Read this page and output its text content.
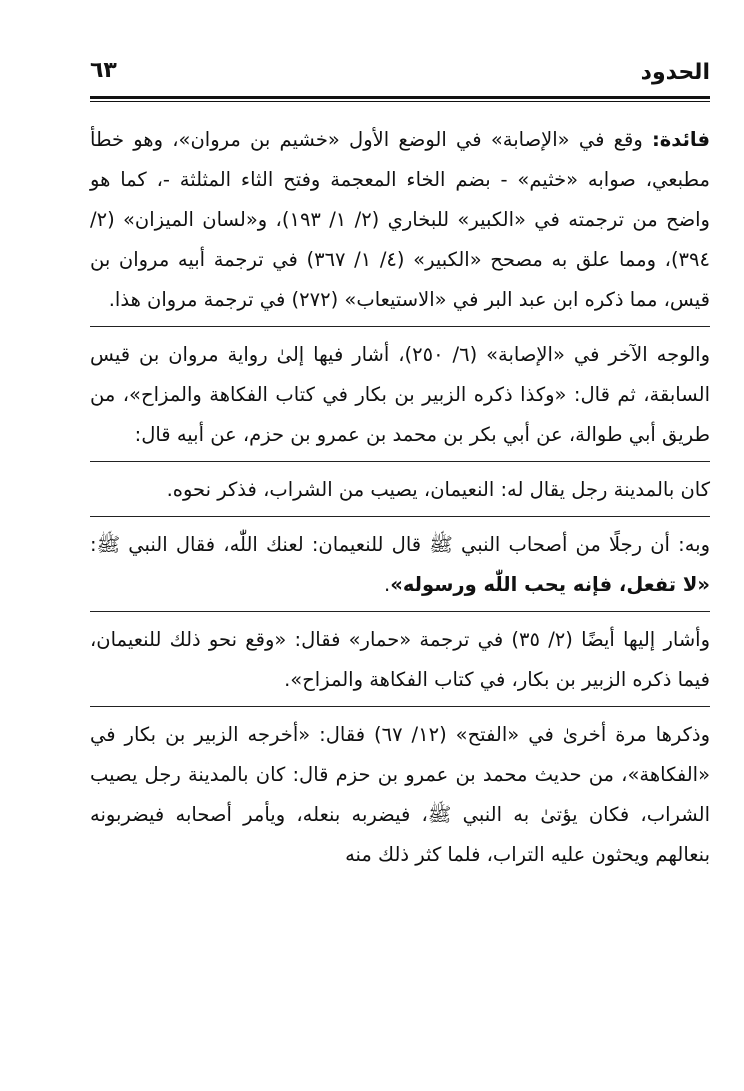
الحدود
٦٣

فائدة: وقع في «الإصابة» في الوضع الأول «خشيم بن مروان»، وهو خطأ مطبعي، صوابه «خثيم» - بضم الخاء المعجمة وفتح الثاء المثلثة -، كما هو واضح من ترجمته في «الكبير» للبخاري (٢/ ١/ ١٩٣)، و«لسان الميزان» (٢/ ٣٩٤)، ومما علق به مصحح «الكبير» (٤/ ١/ ٣٦٧) في ترجمة أبيه مروان بن قيس، مما ذكره ابن عبد البر في «الاستيعاب» (٢٧٢) في ترجمة مروان هذا.

والوجه الآخر في «الإصابة» (٦/ ٢٥٠)، أشار فيها إلىٰ رواية مروان بن قيس السابقة، ثم قال: «وكذا ذكره الزبير بن بكار في كتاب الفكاهة والمزاح»، من طريق أبي طوالة، عن أبي بكر بن محمد بن عمرو بن حزم، عن أبيه قال:

كان بالمدينة رجل يقال له: النعيمان، يصيب من الشراب، فذكر نحوه.

وبه: أن رجلًا من أصحاب النبي ﷺ قال للنعيمان: لعنك اللّٰه، فقال النبي ﷺ: «لا تفعل، فإنه يحب اللّٰه ورسوله».

وأشار إليها أيضًا (٢/ ٣٥) في ترجمة «حمار» فقال: «وقع نحو ذلك للنعيمان، فيما ذكره الزبير بن بكار، في كتاب الفكاهة والمزاح».

وذكرها مرة أخرىٰ في «الفتح» (١٢/ ٦٧) فقال: «أخرجه الزبير بن بكار في «الفكاهة»، من حديث محمد بن عمرو بن حزم قال: كان بالمدينة رجل يصيب الشراب، فكان يؤتىٰ به النبي ﷺ، فيضربه بنعله، ويأمر أصحابه فيضربونه بنعالهم ويحثون عليه التراب، فلما كثر ذلك منه
